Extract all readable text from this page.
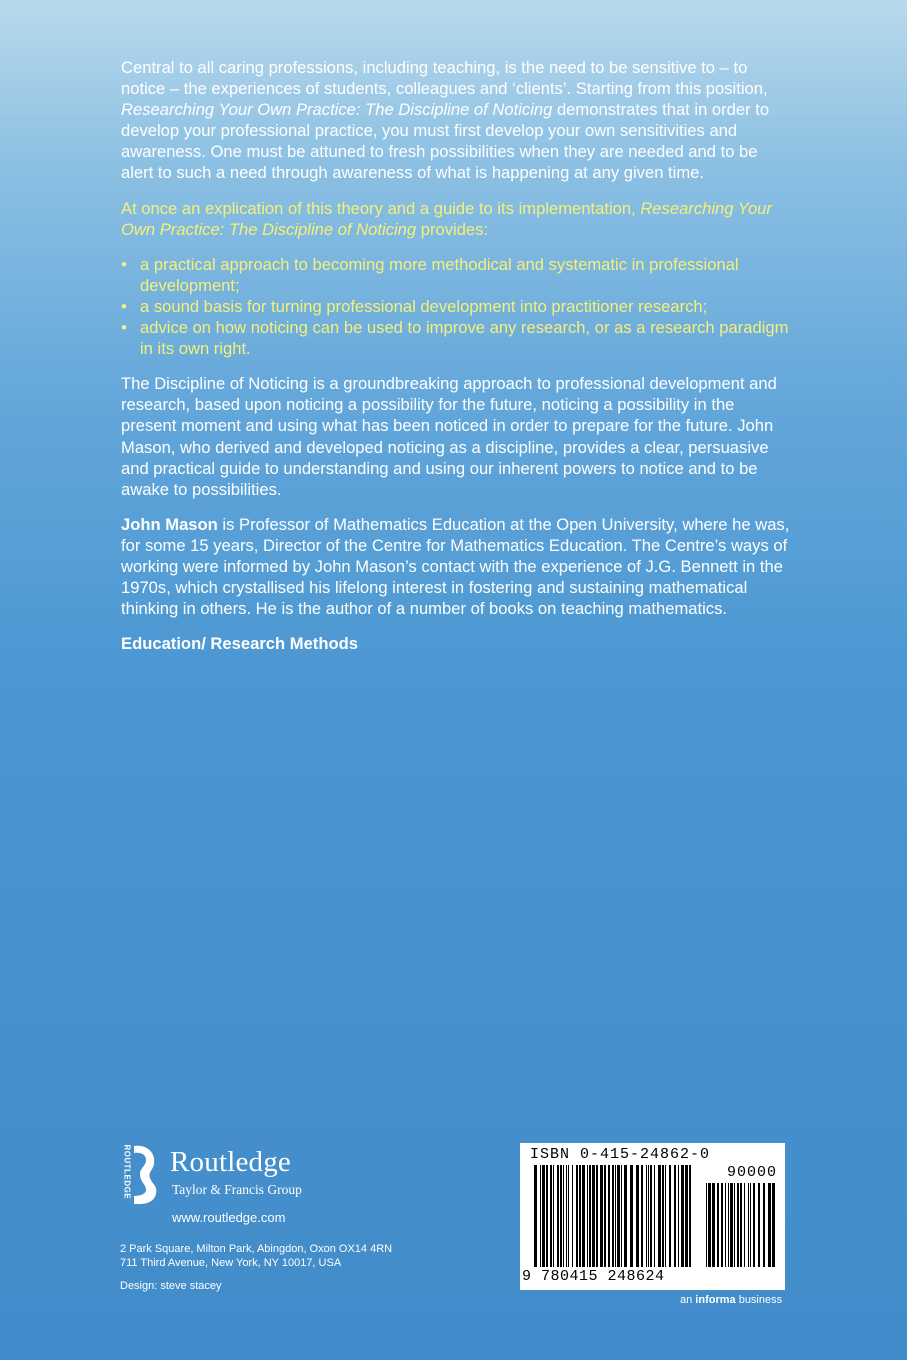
Central to all caring professions, including teaching, is the need to be sensitive to – to notice – the experiences of students, colleagues and ‘clients’. Starting from this position, Researching Your Own Practice: The Discipline of Noticing demonstrates that in order to develop your professional practice, you must first develop your own sensitivities and awareness. One must be attuned to fresh possibilities when they are needed and to be alert to such a need through awareness of what is happening at any given time.

At once an explication of this theory and a guide to its implementation, Researching Your Own Practice: The Discipline of Noticing provides:

• a practical approach to becoming more methodical and systematic in professional development;
• a sound basis for turning professional development into practitioner research;
• advice on how noticing can be used to improve any research, or as a research paradigm in its own right.

The Discipline of Noticing is a groundbreaking approach to professional development and research, based upon noticing a possibility for the future, noticing a possibility in the present moment and using what has been noticed in order to prepare for the future. John Mason, who derived and developed noticing as a discipline, provides a clear, persuasive and practical guide to understanding and using our inherent powers to notice and to be awake to possibilities.

John Mason is Professor of Mathematics Education at the Open University, where he was, for some 15 years, Director of the Centre for Mathematics Education. The Centre’s ways of working were informed by John Mason’s contact with the experience of J.G. Bennett in the 1970s, which crystallised his lifelong interest in fostering and sustaining mathematical thinking in others. He is the author of a number of books on teaching mathematics.

Education/ Research Methods

ROUTLEDGE Routledge
Taylor & Francis Group
www.routledge.com
2 Park Square, Milton Park, Abingdon, Oxon OX14 4RN
711 Third Avenue, New York, NY 10017, USA
Design: steve stacey
ISBN 0-415-24862-0
90000
9 780415 248624
an informa business
